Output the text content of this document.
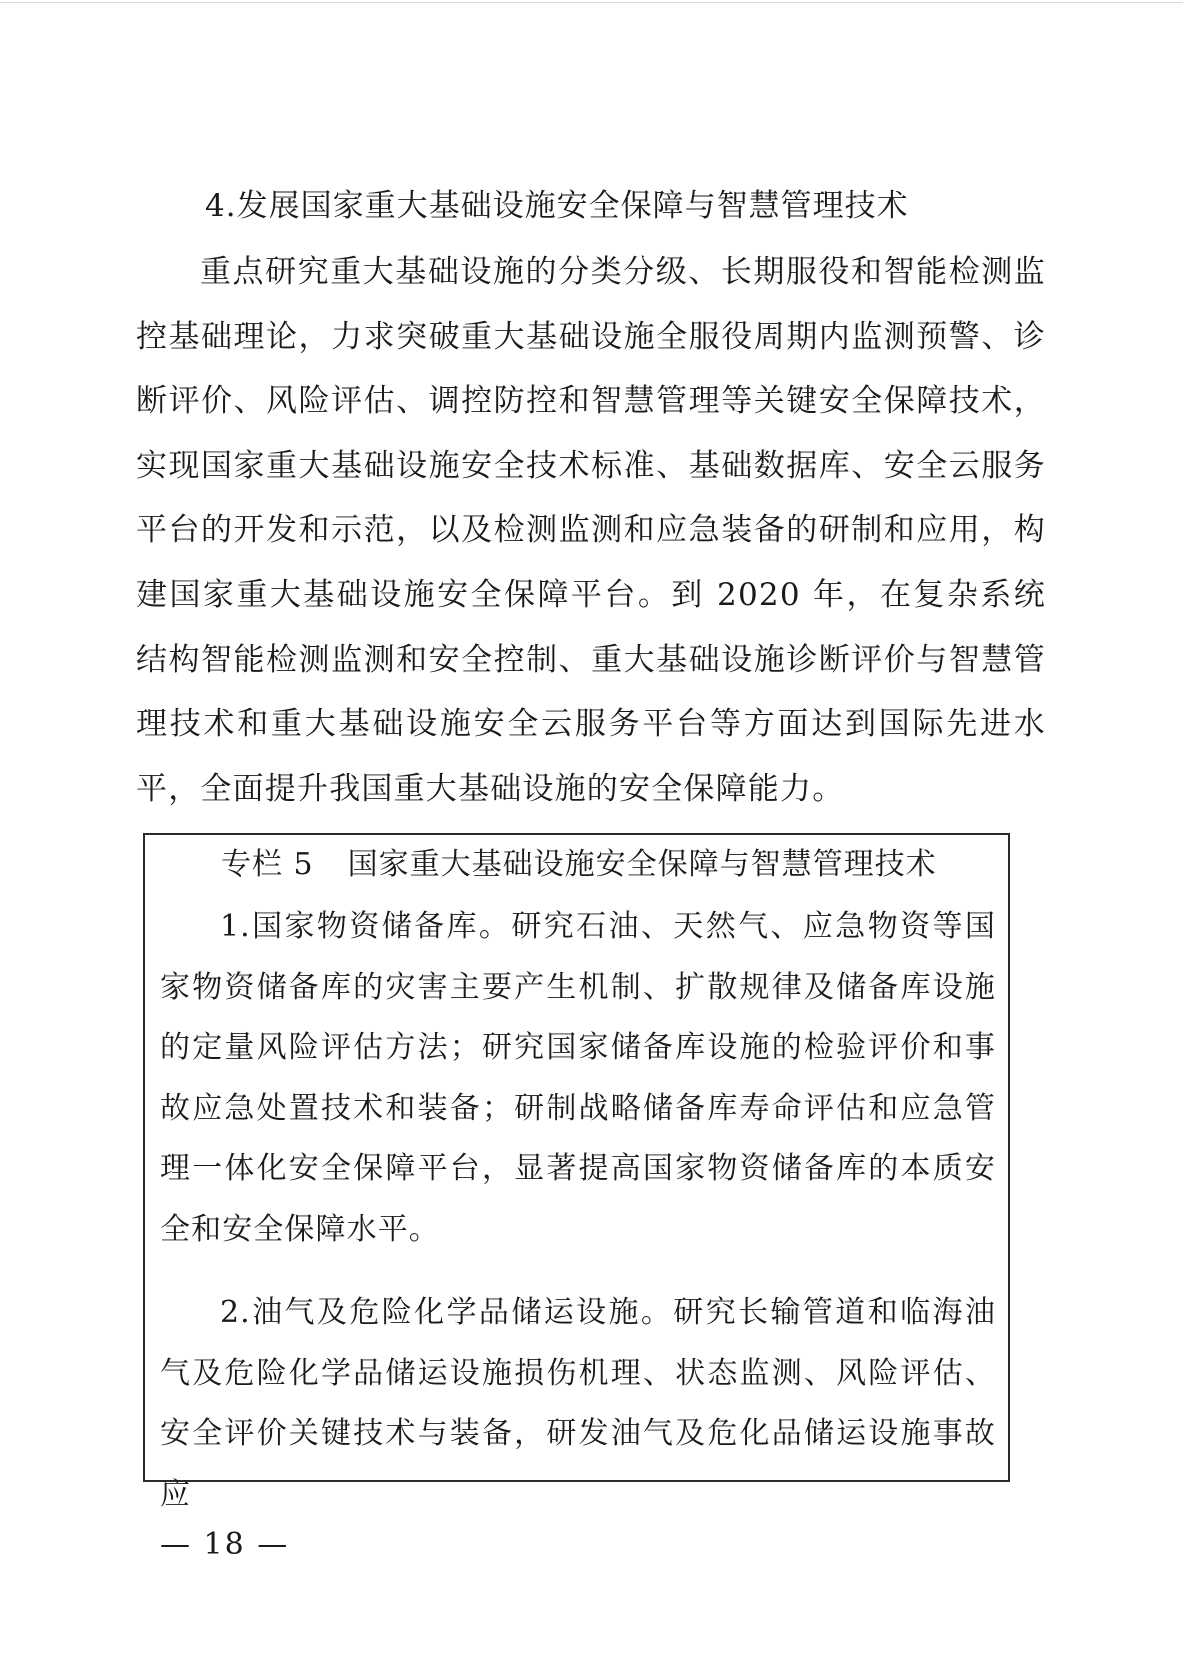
4.发展国家重大基础设施安全保障与智慧管理技术

重点研究重大基础设施的分类分级、长期服役和智能检测监控基础理论，力求突破重大基础设施全服役周期内监测预警、诊断评价、风险评估、调控防控和智慧管理等关键安全保障技术，实现国家重大基础设施安全技术标准、基础数据库、安全云服务平台的开发和示范，以及检测监测和应急装备的研制和应用，构建国家重大基础设施安全保障平台。到 2020 年，在复杂系统结构智能检测监测和安全控制、重大基础设施诊断评价与智慧管理技术和重大基础设施安全云服务平台等方面达到国际先进水平，全面提升我国重大基础设施的安全保障能力。

专栏 5 国家重大基础设施安全保障与智慧管理技术

1.国家物资储备库。研究石油、天然气、应急物资等国家物资储备库的灾害主要产生机制、扩散规律及储备库设施的定量风险评估方法；研究国家储备库设施的检验评价和事故应急处置技术和装备；研制战略储备库寿命评估和应急管理一体化安全保障平台，显著提高国家物资储备库的本质安全和安全保障水平。

2.油气及危险化学品储运设施。研究长输管道和临海油气及危险化学品储运设施损伤机理、状态监测、风险评估、安全评价关键技术与装备，研发油气及危化品储运设施事故应

— 18 —
